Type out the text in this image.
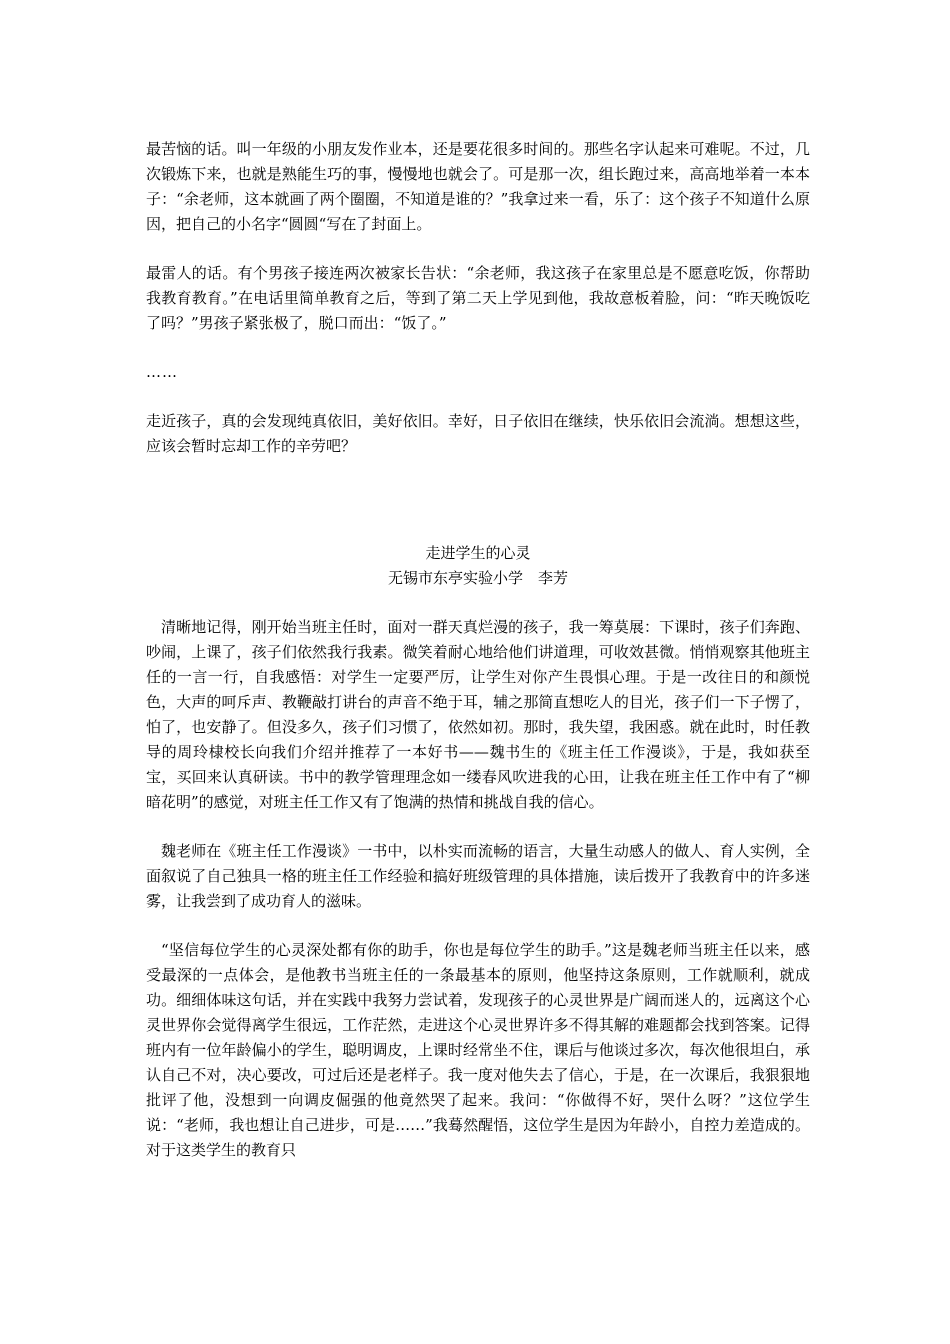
最苦恼的话。叫一年级的小朋友发作业本，还是要花很多时间的。那些名字认起来可难呢。不过，几次锻炼下来，也就是熟能生巧的事，慢慢地也就会了。可是那一次，组长跑过来，高高地举着一本本子：“余老师，这本就画了两个圈圈，不知道是谁的？”我拿过来一看，乐了：这个孩子不知道什么原因，把自己的小名字“圆圆“写在了封面上。

最雷人的话。有个男孩子接连两次被家长告状：“余老师，我这孩子在家里总是不愿意吃饭，你帮助我教育教育。”在电话里简单教育之后，等到了第二天上学见到他，我故意板着脸，问：“昨天晚饭吃了吗？”男孩子紧张极了，脱口而出：“饭了。”

……

走近孩子，真的会发现纯真依旧，美好依旧。幸好，日子依旧在继续，快乐依旧会流淌。想想这些，应该会暂时忘却工作的辛劳吧？

走进学生的心灵
无锡市东亭实验小学　李芳

清晰地记得，刚开始当班主任时，面对一群天真烂漫的孩子，我一筹莫展：下课时，孩子们奔跑、吵闹，上课了，孩子们依然我行我素。微笑着耐心地给他们讲道理，可收效甚微。悄悄观察其他班主任的一言一行，自我感悟：对学生一定要严厉，让学生对你产生畏惧心理。于是一改往日的和颜悦色，大声的呵斥声、教鞭敲打讲台的声音不绝于耳，辅之那简直想吃人的目光，孩子们一下子愣了，怕了，也安静了。但没多久，孩子们习惯了，依然如初。那时，我失望，我困惑。就在此时，时任教导的周玲棣校长向我们介绍并推荐了一本好书——魏书生的《班主任工作漫谈》，于是，我如获至宝，买回来认真研读。书中的教学管理理念如一缕春风吹进我的心田，让我在班主任工作中有了“柳暗花明”的感觉，对班主任工作又有了饱满的热情和挑战自我的信心。

魏老师在《班主任工作漫谈》一书中，以朴实而流畅的语言，大量生动感人的做人、育人实例，全面叙说了自己独具一格的班主任工作经验和搞好班级管理的具体措施，读后拨开了我教育中的许多迷雾，让我尝到了成功育人的滋味。

“坚信每位学生的心灵深处都有你的助手，你也是每位学生的助手。”这是魏老师当班主任以来，感受最深的一点体会，是他教书当班主任的一条最基本的原则，他坚持这条原则，工作就顺利，就成功。细细体味这句话，并在实践中我努力尝试着，发现孩子的心灵世界是广阔而迷人的，远离这个心灵世界你会觉得离学生很远，工作茫然，走进这个心灵世界许多不得其解的难题都会找到答案。记得班内有一位年龄偏小的学生，聪明调皮，上课时经常坐不住，课后与他谈过多次，每次他很坦白，承认自己不对，决心要改，可过后还是老样子。我一度对他失去了信心，于是，在一次课后，我狠狠地批评了他，没想到一向调皮倔强的他竟然哭了起来。我问：“你做得不好，哭什么呀？”这位学生说：“老师，我也想让自己进步，可是……”我蓦然醒悟，这位学生是因为年龄小，自控力差造成的。对于这类学生的教育只
